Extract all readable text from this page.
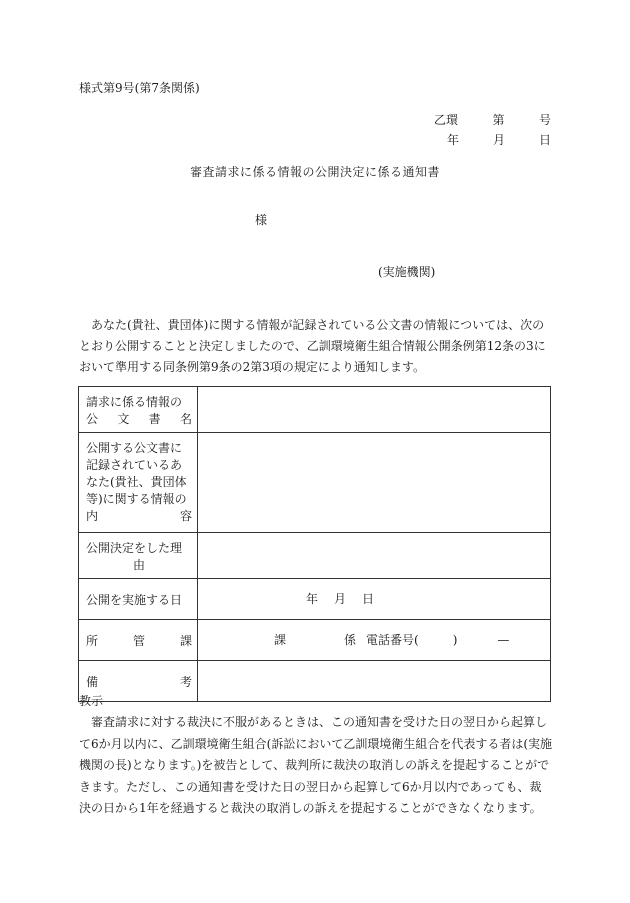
様式第9号(第7条関係)
乙環	第	号
年	月	日
審査請求に係る情報の公開決定に係る通知書
様
(実施機関)

あなた(貴社、貴団体)に関する情報が記録されている公文書の情報については、次のとおり公開することと決定しましたので、乙訓環境衛生組合情報公開条例第12条の3において準用する同条例第9条の2第3項の規定により通知します。

請求に係る情報の
公 文 書 名	

公開する公文書に記録されているあなた(貴社、貴団体等)に関する情報の
内 容	

公開決定をした理
由	

公開を実施する日	年 月 日

所 管 課	課 係 電話番号( ) —

備 考	

教示

審査請求に対する裁決に不服があるときは、この通知書を受けた日の翌日から起算して6か月以内に、乙訓環境衛生組合(訴訟において乙訓環境衛生組合を代表する者は(実施機関の長)となります。)を被告として、裁判所に裁決の取消しの訴えを提起することができます。ただし、この通知書を受けた日の翌日から起算して6か月以内であっても、裁決の日から1年を経過すると裁決の取消しの訴えを提起することができなくなります。
